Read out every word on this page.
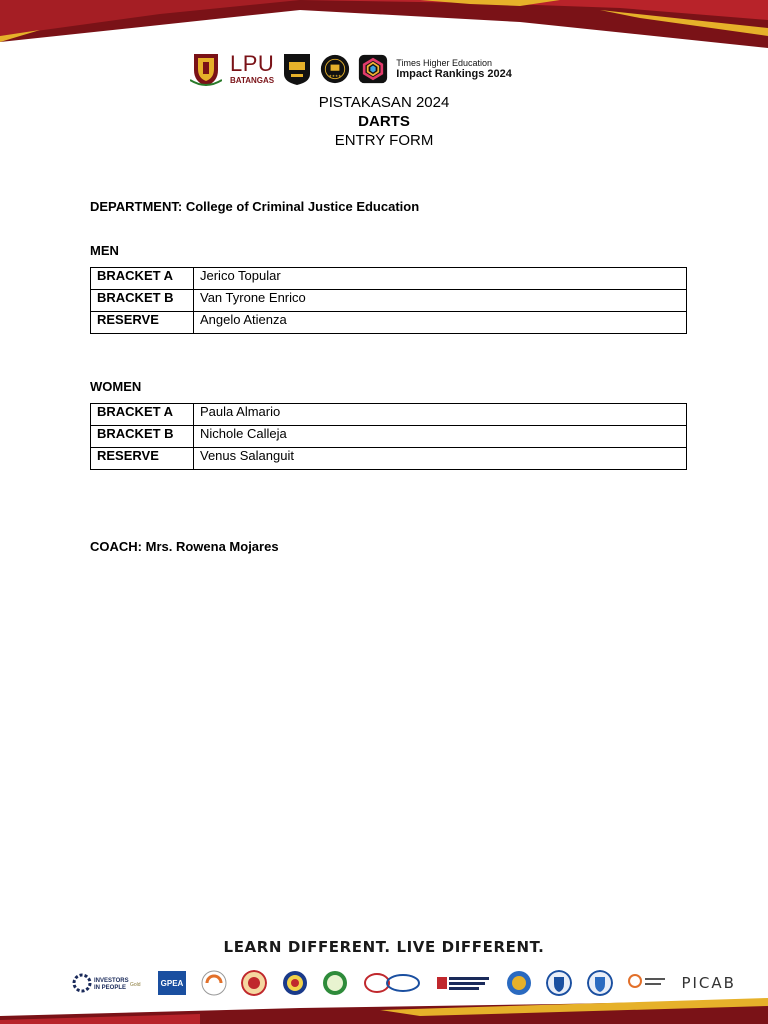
LPU
BATANGAS
★★★★
Times Higher Education
Impact Rankings 2024
PISTAKASAN 2024
DARTS
ENTRY FORM
DEPARTMENT: College of Criminal Justice Education
MEN
BRACKET A	Jerico Topular
BRACKET B	Van Tyrone Enrico
RESERVE	Angelo Atienza
WOMEN
BRACKET A	Paula Almario
BRACKET B	Nichole Calleja
RESERVE	Venus Salanguit
COACH: Mrs. Rowena Mojares
LEARN DIFFERENT. LIVE DIFFERENT.
INVESTORS
IN PEOPLE Gold	GPEA	PICAB
